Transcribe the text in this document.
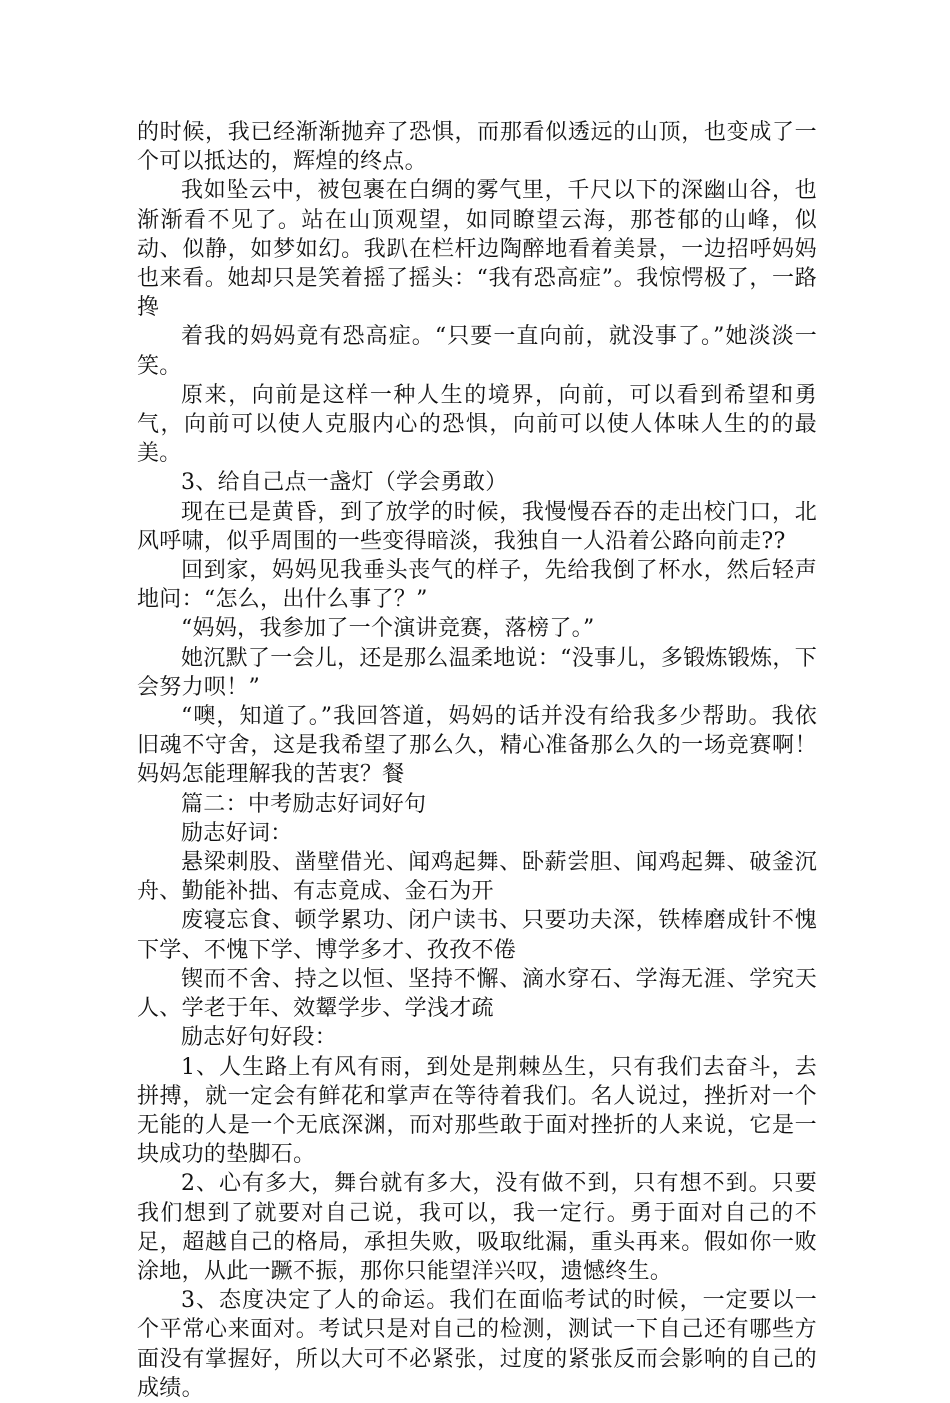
的时候，我已经渐渐抛弃了恐惧，而那看似透远的山顶，也变成了一个可以抵达的，辉煌的终点。

我如坠云中，被包裹在白绸的雾气里，千尺以下的深幽山谷，也渐渐看不见了。站在山顶观望，如同瞭望云海，那苍郁的山峰，似动、似静，如梦如幻。我趴在栏杆边陶醉地看着美景，一边招呼妈妈也来看。她却只是笑着摇了摇头：“我有恐高症”。我惊愕极了，一路搀

着我的妈妈竟有恐高症。“只要一直向前，就没事了。”她淡淡一笑。

原来，向前是这样一种人生的境界，向前，可以看到希望和勇气，向前可以使人克服内心的恐惧，向前可以使人体味人生的的最美。

3、给自己点一盏灯（学会勇敢）

现在已是黄昏，到了放学的时候，我慢慢吞吞的走出校门口，北风呼啸，似乎周围的一些变得暗淡，我独自一人沿着公路向前走??

回到家，妈妈见我垂头丧气的样子，先给我倒了杯水，然后轻声地问：“怎么，出什么事了？”

“妈妈，我参加了一个演讲竞赛，落榜了。”

她沉默了一会儿，还是那么温柔地说：“没事儿，多锻炼锻炼，下会努力呗！”

“噢，知道了。”我回答道，妈妈的话并没有给我多少帮助。我依旧魂不守舍，这是我希望了那么久，精心准备那么久的一场竞赛啊！妈妈怎能理解我的苦衷？餐

篇二：中考励志好词好句

励志好词：

悬梁刺股、凿壁借光、闻鸡起舞、卧薪尝胆、闻鸡起舞、破釜沉舟、勤能补拙、有志竟成、金石为开

废寝忘食、顿学累功、闭户读书、只要功夫深，铁棒磨成针不愧下学、不愧下学、博学多才、孜孜不倦

锲而不舍、持之以恒、坚持不懈、滴水穿石、学海无涯、学究天人、学老于年、效颦学步、学浅才疏

励志好句好段：

1、人生路上有风有雨，到处是荆棘丛生，只有我们去奋斗，去拼搏，就一定会有鲜花和掌声在等待着我们。名人说过，挫折对一个无能的人是一个无底深渊，而对那些敢于面对挫折的人来说，它是一块成功的垫脚石。

2、心有多大，舞台就有多大，没有做不到，只有想不到。只要我们想到了就要对自己说，我可以，我一定行。勇于面对自己的不足，超越自己的格局，承担失败，吸取纰漏，重头再来。假如你一败涂地，从此一蹶不振，那你只能望洋兴叹，遗憾终生。

3、态度决定了人的命运。我们在面临考试的时候，一定要以一个平常心来面对。考试只是对自己的检测，测试一下自己还有哪些方面没有掌握好，所以大可不必紧张，过度的紧张反而会影响的自己的成绩。
